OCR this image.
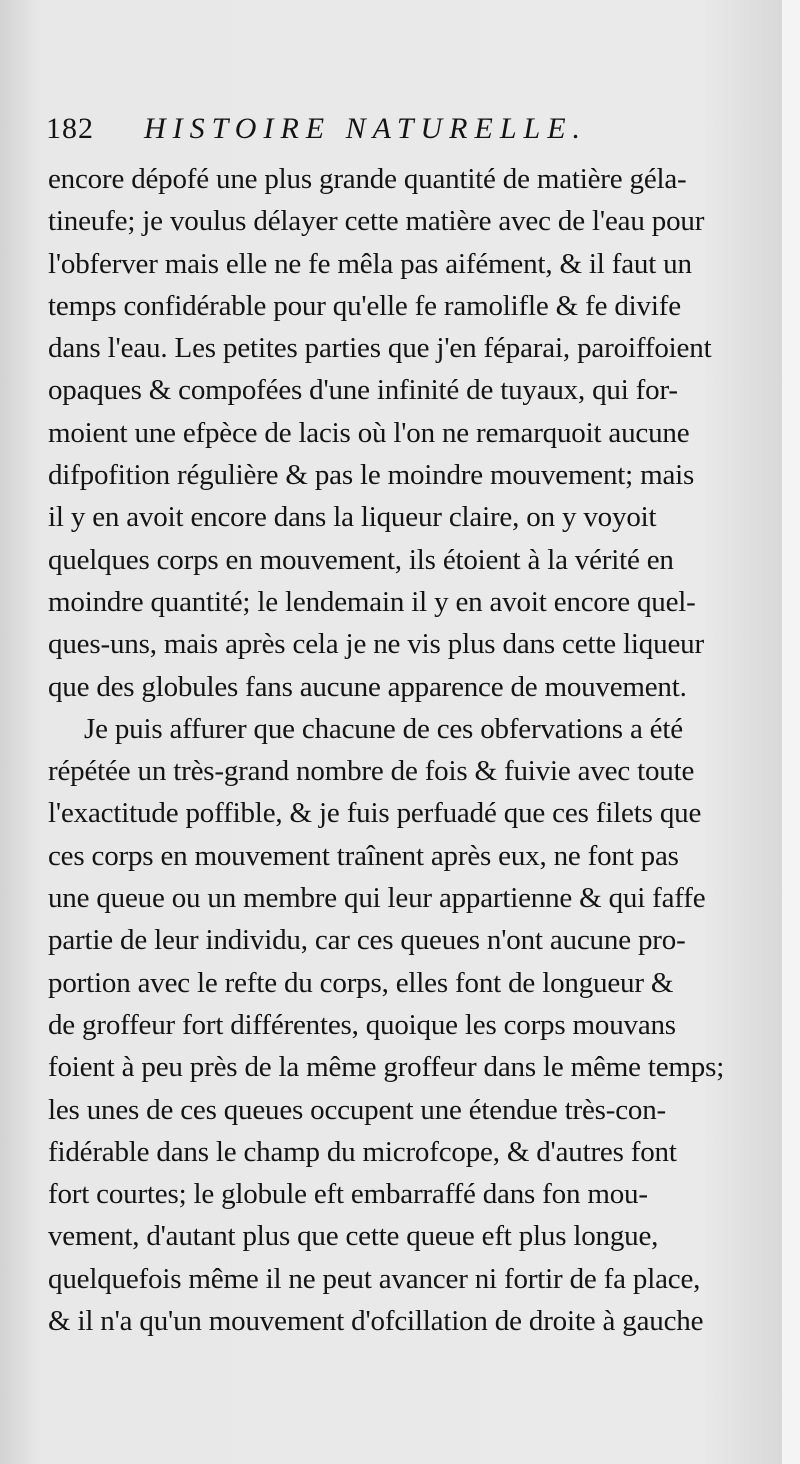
182 HISTOIRE NATURELLE.
encore dépofé une plus grande quantité de matière géla-
tineufe; je voulus délayer cette matière avec de l'eau pour
l'obferver mais elle ne fe mêla pas aifément, & il faut un
temps confidérable pour qu'elle fe ramolifle & fe divife
dans l'eau. Les petites parties que j'en féparai, paroiffoient
opaques & compofées d'une infinité de tuyaux, qui for-
moient une efpèce de lacis où l'on ne remarquoit aucune
difpofition régulière & pas le moindre mouvement; mais
il y en avoit encore dans la liqueur claire, on y voyoit
quelques corps en mouvement, ils étoient à la vérité en
moindre quantité; le lendemain il y en avoit encore quel-
ques-uns, mais après cela je ne vis plus dans cette liqueur
que des globules fans aucune apparence de mouvement.
Je puis affurer que chacune de ces obfervations a été
répétée un très-grand nombre de fois & fuivie avec toute
l'exactitude poffible, & je fuis perfuadé que ces filets que
ces corps en mouvement traînent après eux, ne font pas
une queue ou un membre qui leur appartienne & qui faffe
partie de leur individu, car ces queues n'ont aucune pro-
portion avec le refte du corps, elles font de longueur &
de groffeur fort différentes, quoique les corps mouvans
foient à peu près de la même groffeur dans le même temps;
les unes de ces queues occupent une étendue très-con-
fidérable dans le champ du microfcope, & d'autres font
fort courtes; le globule eft embarraffé dans fon mou-
vement, d'autant plus que cette queue eft plus longue,
quelquefois même il ne peut avancer ni fortir de fa place,
& il n'a qu'un mouvement d'ofcillation de droite à gauche
